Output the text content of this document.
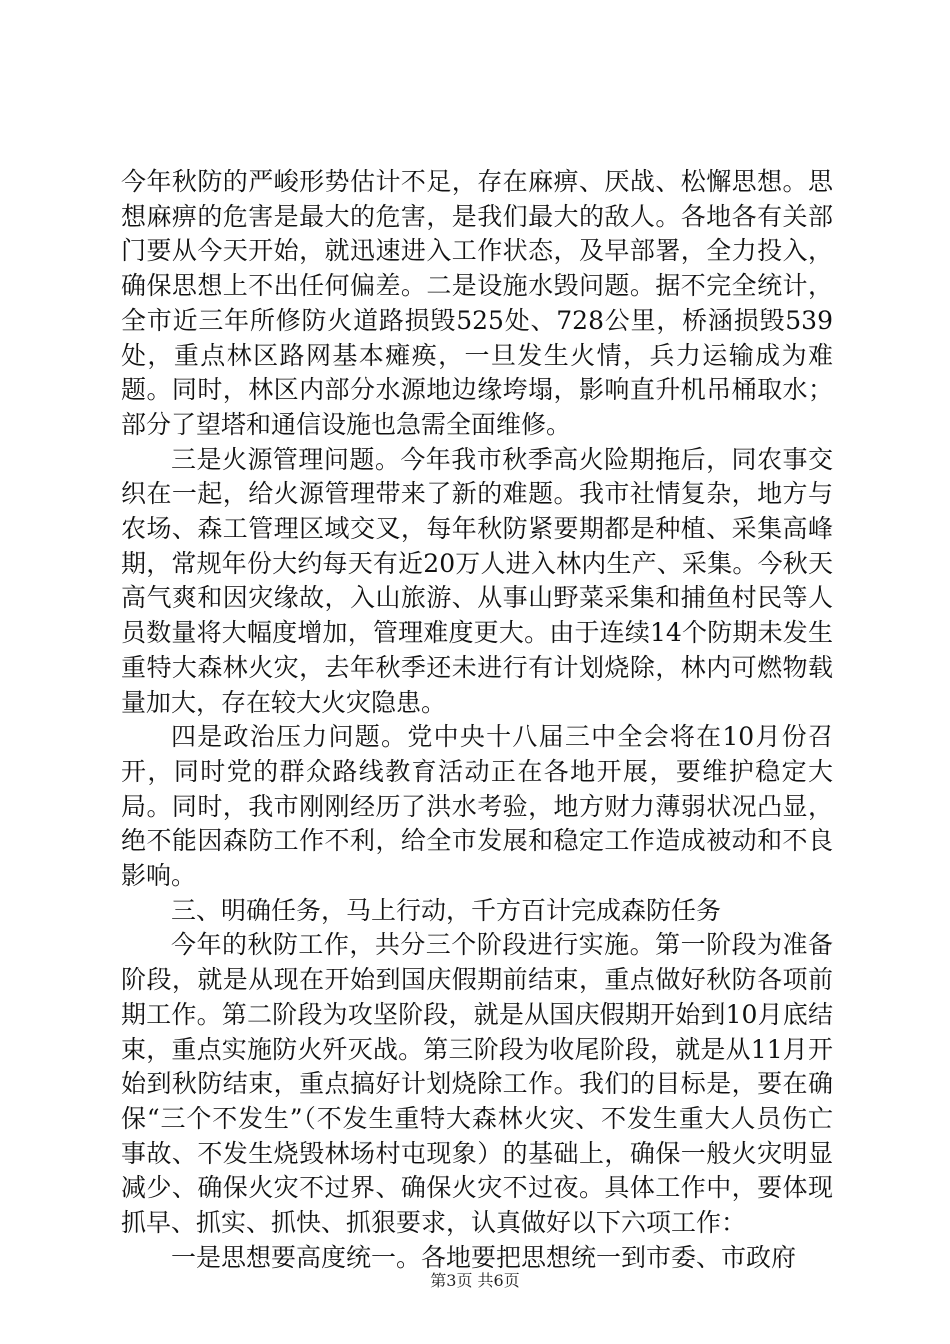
今年秋防的严峻形势估计不足，存在麻痹、厌战、松懈思想。思想麻痹的危害是最大的危害，是我们最大的敌人。各地各有关部门要从今天开始，就迅速进入工作状态，及早部署，全力投入，确保思想上不出任何偏差。二是设施水毁问题。据不完全统计，全市近三年所修防火道路损毁525处、728公里，桥涵损毁539处，重点林区路网基本瘫痪，一旦发生火情，兵力运输成为难题。同时，林区内部分水源地边缘垮塌，影响直升机吊桶取水；部分了望塔和通信设施也急需全面维修。

三是火源管理问题。今年我市秋季高火险期拖后，同农事交织在一起，给火源管理带来了新的难题。我市社情复杂，地方与农场、森工管理区域交叉，每年秋防紧要期都是种植、采集高峰期，常规年份大约每天有近20万人进入林内生产、采集。今秋天高气爽和因灾缘故，入山旅游、从事山野菜采集和捕鱼村民等人员数量将大幅度增加，管理难度更大。由于连续14个防期未发生重特大森林火灾，去年秋季还未进行有计划烧除，林内可燃物载量加大，存在较大火灾隐患。

四是政治压力问题。党中央十八届三中全会将在10月份召开，同时党的群众路线教育活动正在各地开展，要维护稳定大局。同时，我市刚刚经历了洪水考验，地方财力薄弱状况凸显，绝不能因森防工作不利，给全市发展和稳定工作造成被动和不良影响。

三、明确任务，马上行动，千方百计完成森防任务

今年的秋防工作，共分三个阶段进行实施。第一阶段为准备阶段，就是从现在开始到国庆假期前结束，重点做好秋防各项前期工作。第二阶段为攻坚阶段，就是从国庆假期开始到10月底结束，重点实施防火歼灭战。第三阶段为收尾阶段，就是从11月开始到秋防结束，重点搞好计划烧除工作。我们的目标是，要在确保“三个不发生”（不发生重特大森林火灾、不发生重大人员伤亡事故、不发生烧毁林场村屯现象）的基础上，确保一般火灾明显减少、确保火灾不过界、确保火灾不过夜。具体工作中，要体现抓早、抓实、抓快、抓狠要求，认真做好以下六项工作：

一是思想要高度统一。各地要把思想统一到市委、市政府

第3页 共6页
